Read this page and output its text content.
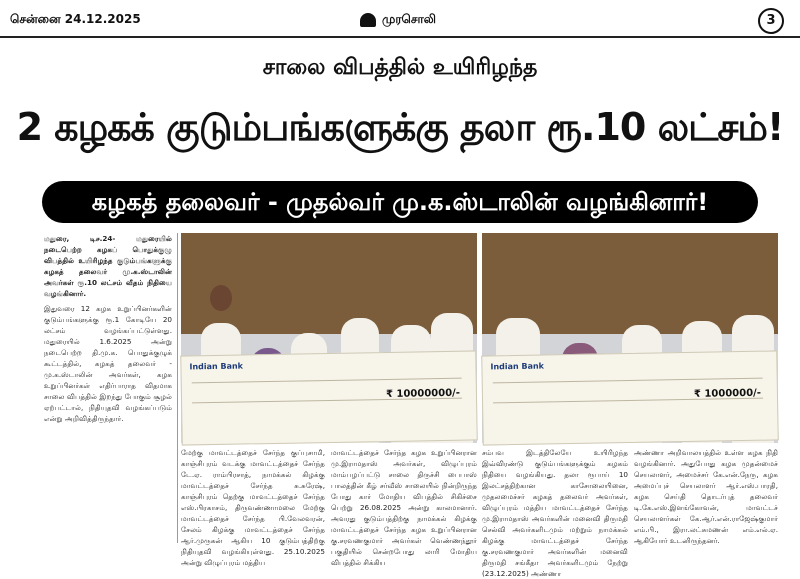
சென்னை 24.12.2025	முரசொலி	3
சாலை விபத்தில் உயிரிழந்த
2 கழகக் குடும்பங்களுக்கு தலா ரூ.10 லட்சம்!
கழகத் தலைவர் - முதல்வர் மு.க.ஸ்டாலின் வழங்கினார்!
மதுரை, டிச.24- மதுரையில் நடைபெற்ற கழகப் பொதுக்குழு விபத்தில் உயிரிழந்த குடும்பங்களுக்கு கழகத் தலைவர் மு.க.ஸ்டாலின் அவர்கள் ரூ.10 லட்சம் வீதம் நிதியை வழங்கினார்.
இதுவரை 12 கழக உறுப்பினர்களின் குடும்பங்களுக்கு ரூ.1 கோடியே 20 லட்சம் வழங்கப்பட்டுள்ளது. மதுரையில் 1.6.2025 அன்று நடைபெற்ற தி.மு.க. பொதுக்குழுக் கூட்டத்தில், கழகத் தலைவர் - மு.க.ஸ்டாலின் அவர்கள், கழக உறுப்பினர்கள் எதிர்பாராத விதமாக சாலை விபத்தில் இறந்து போகும் சூழல் ஏற்பட்டால், நிதியுதவி வழங்கப்படும் என்று அறிவித்திருந்தார்.
Indian Bank
₹ 10000000/-
Indian Bank
₹ 1000000/-
மேற்கு மாவட்டத்தைச் சேர்ந்த குப்புசாமி, காஞ்சிபுரம் வடக்கு மாவட்டத்தைச் சேர்ந்த டே.ஏ. ராம்பிரசாத், நாமக்கல் கிழக்கு மாவட்டத்தைச் சேர்ந்த சு.சுரேஷ், காஞ்சிபுரம் தெற்கு மாவட்டத்தைச் சேர்ந்த எஸ்.பிரகாசம், திருவண்ணாமலை மேற்கு மாவட்டத்தைச் சேர்ந்த பி.வேலவரன், சேலம் கிழக்கு மாவட்டத்தைச் சேர்ந்த ஆர்.முருகன் ஆகிய 10 குடும்பத்திற்கு நிதியுதவி வழங்கியுள்ளது. 25.10.2025 அன்று விழுப்புரம் மத்திய
மாவட்டத்தைச் சேர்ந்த கழக உறுப்பினரான மு.இராமதாஸ் அவர்கள், விழுப்புரம் மாம்பழப்பட்டு சாலை திருச்சி பைபாஸ் பாலத்தின் கீழ் சர்வீஸ் சாலையில் நின்றிருந்த போது கார் மோதிய விபத்தில் சிகிச்சை பெற்று 26.08.2025 அன்று காலமானார். அவரது குடும்பத்திற்கு நாமக்கல் கிழக்கு மாவட்டத்தைச் சேர்ந்த கழக உறுப்பினரான கு.சரவணகுமார் அவர்கள் வெண்ணந்தூர் பகுதியில் சென்றபோது லாரி மோதிய விபத்தில் சிக்கிய
சம்பவ இடத்திலேயே உயிரிழந்த இவ்விரண்டு குடும்பங்களுக்கும் கழகம் நிதியை வழங்கியது. தலா ரூபாய் 10 இலட்சத்திற்கான காசோலையினை, முதலமைச்சர் கழகத் தலைவர் அவர்கள், விழுப்புரம் மத்திய மாவட்டத்தைச் சேர்ந்த மு.இராமதாஸ் அவர்களின் மனைவி திருமதி செல்வி அவர்களிடமும் மற்றும் நாமக்கல் கிழக்கு மாவட்டத்தைச் சேர்ந்த கு.சரவணகுமார் அவர்களின் மனைவி திருமதி சங்கீதா அவர்களிடமும் நேற்று (23.12.2025) அண்ணா
அண்ணா அறிவாலயத்தில் உள்ள கழக நிதி வழங்கினார். அதுபோது கழக முதன்மைச் செயலாளர், அமைச்சர் கே.என்.நேரு, கழக அமைப்புச் செயலாளர் ஆர்.எஸ்.பாரதி, கழக செய்தி தொடர்புத் தலைவர் டி.கே.எஸ்.இளங்கோவன், மாவட்டச் செயலாளர்கள் கே.ஆர்.என்.ராஜேஷ்குமார் எம்.பி., இரா.லட்சுமணன் எம்.எல்.ஏ. ஆகியோர் உடனிருந்தனர்.
